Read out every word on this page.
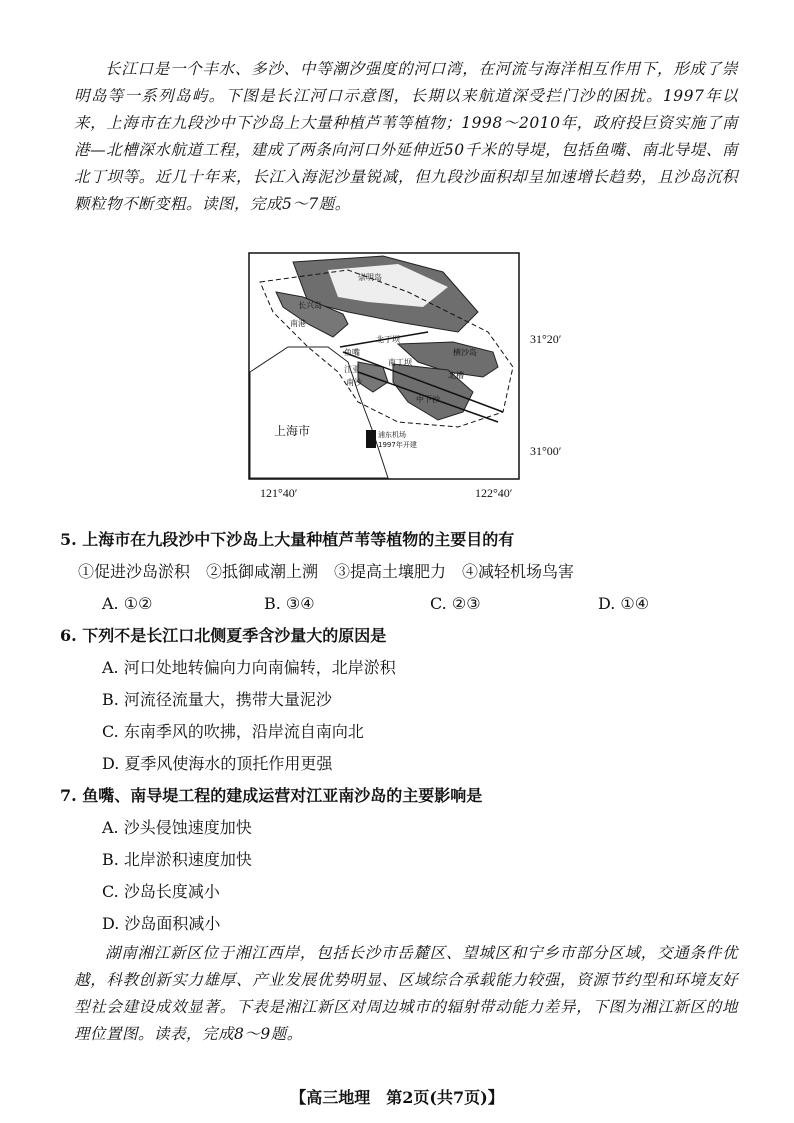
长江口是一个丰水、多沙、中等潮汐强度的河口湾，在河流与海洋相互作用下，形成了崇明岛等一系列岛屿。下图是长江河口示意图，长期以来航道深受拦门沙的困扰。1997年以来，上海市在九段沙中下沙岛上大量种植芦苇等植物；1998～2010年，政府投巨资实施了南港—北槽深水航道工程，建成了两条向河口外延伸近50千米的导堤，包括鱼嘴、南北导堤、南北丁坝等。近几十年来，长江入海泥沙量锐减，但九段沙面积却呈加速增长趋势，且沙岛沉积颗粒物不断变粗。读图，完成5～7题。

崇明岛
长兴岛
南港
鱼嘴
北丁坝
南丁坝
江亚
南沙
北槽
横沙岛
中下沙
上海市	浦东机场
1997年开建
31°20′
31°00′
121°40′	122°40′
5. 上海市在九段沙中下沙岛上大量种植芦苇等植物的主要目的有
①促进沙岛淤积　②抵御咸潮上溯　③提高土壤肥力　④减轻机场鸟害
A. ①②	B. ③④	C. ②③	D. ①④
6. 下列不是长江口北侧夏季含沙量大的原因是
A. 河口处地转偏向力向南偏转，北岸淤积
B. 河流径流量大，携带大量泥沙
C. 东南季风的吹拂，沿岸流自南向北
D. 夏季风使海水的顶托作用更强
7. 鱼嘴、南导堤工程的建成运营对江亚南沙岛的主要影响是
A. 沙头侵蚀速度加快
B. 北岸淤积速度加快
C. 沙岛长度减小
D. 沙岛面积减小

湖南湘江新区位于湘江西岸，包括长沙市岳麓区、望城区和宁乡市部分区域，交通条件优越，科教创新实力雄厚、产业发展优势明显、区域综合承载能力较强，资源节约型和环境友好型社会建设成效显著。下表是湘江新区对周边城市的辐射带动能力差异，下图为湘江新区的地理位置图。读表，完成8～9题。

【高三地理　第2页(共7页)】
